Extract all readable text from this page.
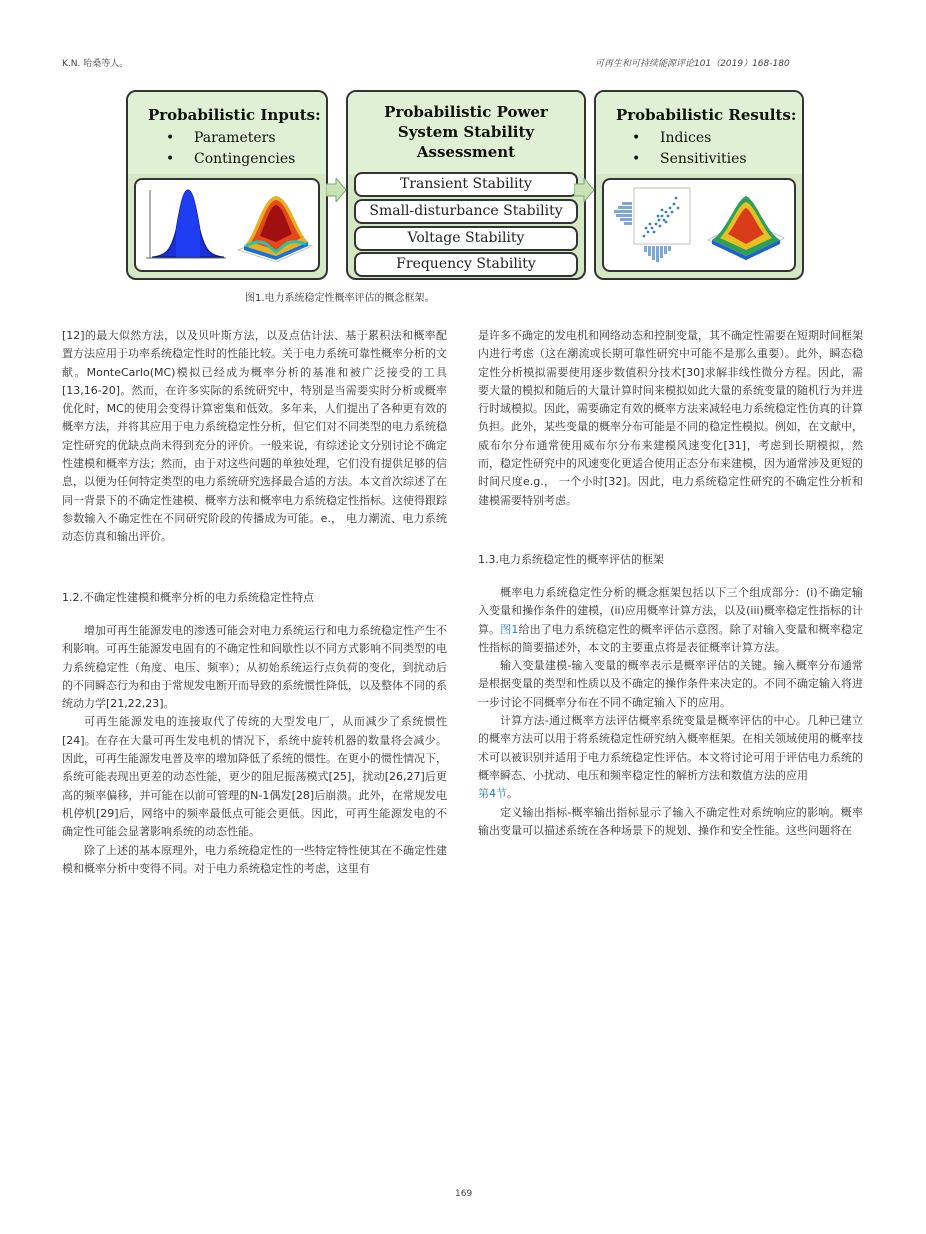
K.N. 哈桑等人。	可再生和可持续能源评论101（2019）168-180
Probabilistic Inputs:
• Parameters
• Contingencies
Probabilistic Power
System Stability
Assessment
Transient Stability
Small-disturbance Stability
Voltage Stability
Frequency Stability
Probabilistic Results:
• Indices
• Sensitivities
图1.电力系统稳定性概率评估的概念框架。

[12]的最大似然方法，以及贝叶斯方法，以及点估计法、基于累积法和概率配置方法应用于功率系统稳定性时的性能比较。关于电力系统可靠性概率分析的文献。MonteCarlo(MC)模拟已经成为概率分析的基准和被广泛接受的工具[13,16-20]。然而，在许多实际的系统研究中，特别是当需要实时分析或概率优化时，MC的使用会变得计算密集和低效。多年来，人们提出了各种更有效的概率方法，并将其应用于电力系统稳定性分析，但它们对不同类型的电力系统稳定性研究的优缺点尚未得到充分的评价。一般来说，有综述论文分别讨论不确定性建模和概率方法；然而，由于对这些问题的单独处理，它们没有提供足够的信息，以便为任何特定类型的电力系统研究选择最合适的方法。本文首次综述了在同一背景下的不确定性建模、概率方法和概率电力系统稳定性指标。这使得跟踪参数输入不确定性在不同研究阶段的传播成为可能。e.， 电力潮流、电力系统动态仿真和输出评价。

1.2.不确定性建模和概率分析的电力系统稳定性特点

增加可再生能源发电的渗透可能会对电力系统运行和电力系统稳定性产生不利影响。可再生能源发电固有的不确定性和间歇性以不同方式影响不同类型的电力系统稳定性（角度、电压、频率）；从初始系统运行点负荷的变化，到扰动后的不同瞬态行为和由于常规发电断开而导致的系统惯性降低，以及整体不同的系统动力学[21,22,23]。

可再生能源发电的连接取代了传统的大型发电厂，从而减少了系统惯性[24]。在存在大量可再生发电机的情况下，系统中旋转机器的数量将会减少。因此，可再生能源发电普及率的增加降低了系统的惯性。在更小的惯性情况下，系统可能表现出更差的动态性能，更少的阻尼振荡模式[25]，扰动[26,27]后更高的频率偏移，并可能在以前可管理的N-1偶发[28]后崩溃。此外，在常规发电机停机[29]后，网络中的频率最低点可能会更低。因此，可再生能源发电的不确定性可能会显著影响系统的动态性能。

除了上述的基本原理外，电力系统稳定性的一些特定特性使其在不确定性建模和概率分析中变得不同。对于电力系统稳定性的考虑，这里有

是许多不确定的发电机和网络动态和控制变量，其不确定性需要在短期时间框架内进行考虑（这在潮流或长期可靠性研究中可能不是那么重要）。此外，瞬态稳定性分析模拟需要使用逐步数值积分技术[30]求解非线性微分方程。因此，需要大量的模拟和随后的大量计算时间来模拟如此大量的系统变量的随机行为并进行时域模拟。因此，需要确定有效的概率方法来减轻电力系统稳定性仿真的计算负担。此外，某些变量的概率分布可能是不同的稳定性模拟。例如，在文献中，威布尔分布通常使用威布尔分布来建模风速变化[31]，考虑到长期模拟，然而，稳定性研究中的风速变化更适合使用正态分布来建模，因为通常涉及更短的时间尺度e.g.， 一个小时[32]。因此，电力系统稳定性研究的不确定性分析和建模需要特别考虑。

1.3.电力系统稳定性的概率评估的框架

概率电力系统稳定性分析的概念框架包括以下三个组成部分：(i)不确定输入变量和操作条件的建模，(ii)应用概率计算方法，以及(iii)概率稳定性指标的计算。图1给出了电力系统稳定性的概率评估示意图。除了对输入变量和概率稳定性指标的简要描述外，本文的主要重点将是表征概率计算方法。

输入变量建模-输入变量的概率表示是概率评估的关键。输入概率分布通常是根据变量的类型和性质以及不确定的操作条件来决定的。不同不确定输入将进一步讨论不同概率分布在不同不确定输入下的应用。

计算方法-通过概率方法评估概率系统变量是概率评估的中心。几种已建立的概率方法可以用于将系统稳定性研究纳入概率框架。在相关领域使用的概率技术可以被识别并适用于电力系统稳定性评估。本文将讨论可用于评估电力系统的概率瞬态、小扰动、电压和频率稳定性的解析方法和数值方法的应用

第4节。

定义输出指标-概率输出指标显示了输入不确定性对系统响应的影响。概率输出变量可以描述系统在各种场景下的规划、操作和安全性能。这些问题将在

169
